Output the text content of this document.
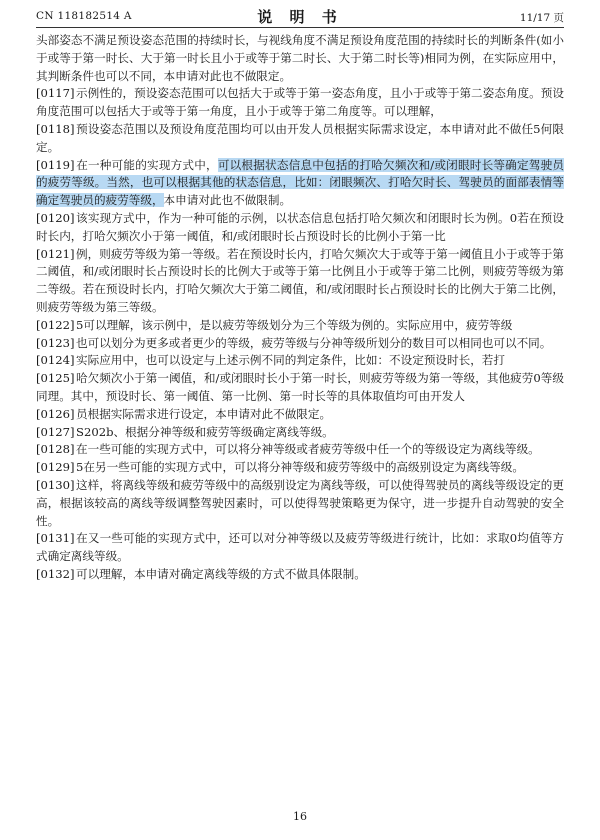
CN 118182514 A	说 明 书	11/17 页

头部姿态不满足预设姿态范围的持续时长，与视线角度不满足预设角度范围的持续时长的判断条件(如小于或等于第一时长、大于第一时长且小于或等于第二时长、大于第二时长等)相同为例，在实际应用中，其判断条件也可以不同，本申请对此也不做限定。

[0117]示例性的，预设姿态范围可以包括大于或等于第一姿态角度，且小于或等于第二姿态角度。预设角度范围可以包括大于或等于第一角度，且小于或等于第二角度等。可以理解，

[0118]预设姿态范围以及预设角度范围均可以由开发人员根据实际需求设定，本申请对此不做任5何限定。

[0119]在一种可能的实现方式中，可以根据状态信息中包括的打哈欠频次和/或闭眼时长等确定驾驶员的疲劳等级。当然，也可以根据其他的状态信息，比如：闭眼频次、打哈欠时长、驾驶员的面部表情等确定驾驶员的疲劳等级，本申请对此也不做限制。

[0120]该实现方式中，作为一种可能的示例，以状态信息包括打哈欠频次和闭眼时长为例。0若在预设时长内，打哈欠频次小于第一阈值，和/或闭眼时长占预设时长的比例小于第一比

[0121]例，则疲劳等级为第一等级。若在预设时长内，打哈欠频次大于或等于第一阈值且小于或等于第二阈值，和/或闭眼时长占预设时长的比例大于或等于第一比例且小于或等于第二比例，则疲劳等级为第二等级。若在预设时长内，打哈欠频次大于第二阈值，和/或闭眼时长占预设时长的比例大于第二比例，则疲劳等级为第三等级。

[0122]5可以理解，该示例中，是以疲劳等级划分为三个等级为例的。实际应用中，疲劳等级

[0123]也可以划分为更多或者更少的等级，疲劳等级与分神等级所划分的数目可以相同也可以不同。

[0124]实际应用中，也可以设定与上述示例不同的判定条件，比如：不设定预设时长，若打

[0125]哈欠频次小于第一阈值，和/或闭眼时长小于第一时长，则疲劳等级为第一等级，其他疲劳0等级同理。其中，预设时长、第一阈值、第一比例、第一时长等的具体取值均可由开发人

[0126]员根据实际需求进行设定，本申请对此不做限定。

[0127]S202b、根据分神等级和疲劳等级确定离线等级。

[0128]在一些可能的实现方式中，可以将分神等级或者疲劳等级中任一个的等级设定为离线等级。

[0129]5在另一些可能的实现方式中，可以将分神等级和疲劳等级中的高级别设定为离线等级。

[0130]这样，将离线等级和疲劳等级中的高级别设定为离线等级，可以使得驾驶员的离线等级设定的更高，根据该较高的离线等级调整驾驶因素时，可以使得驾驶策略更为保守，进一步提升自动驾驶的安全性。

[0131]在又一些可能的实现方式中，还可以对分神等级以及疲劳等级进行统计，比如：求取0均值等方式确定离线等级。

[0132]可以理解，本申请对确定离线等级的方式不做具体限制。

16
